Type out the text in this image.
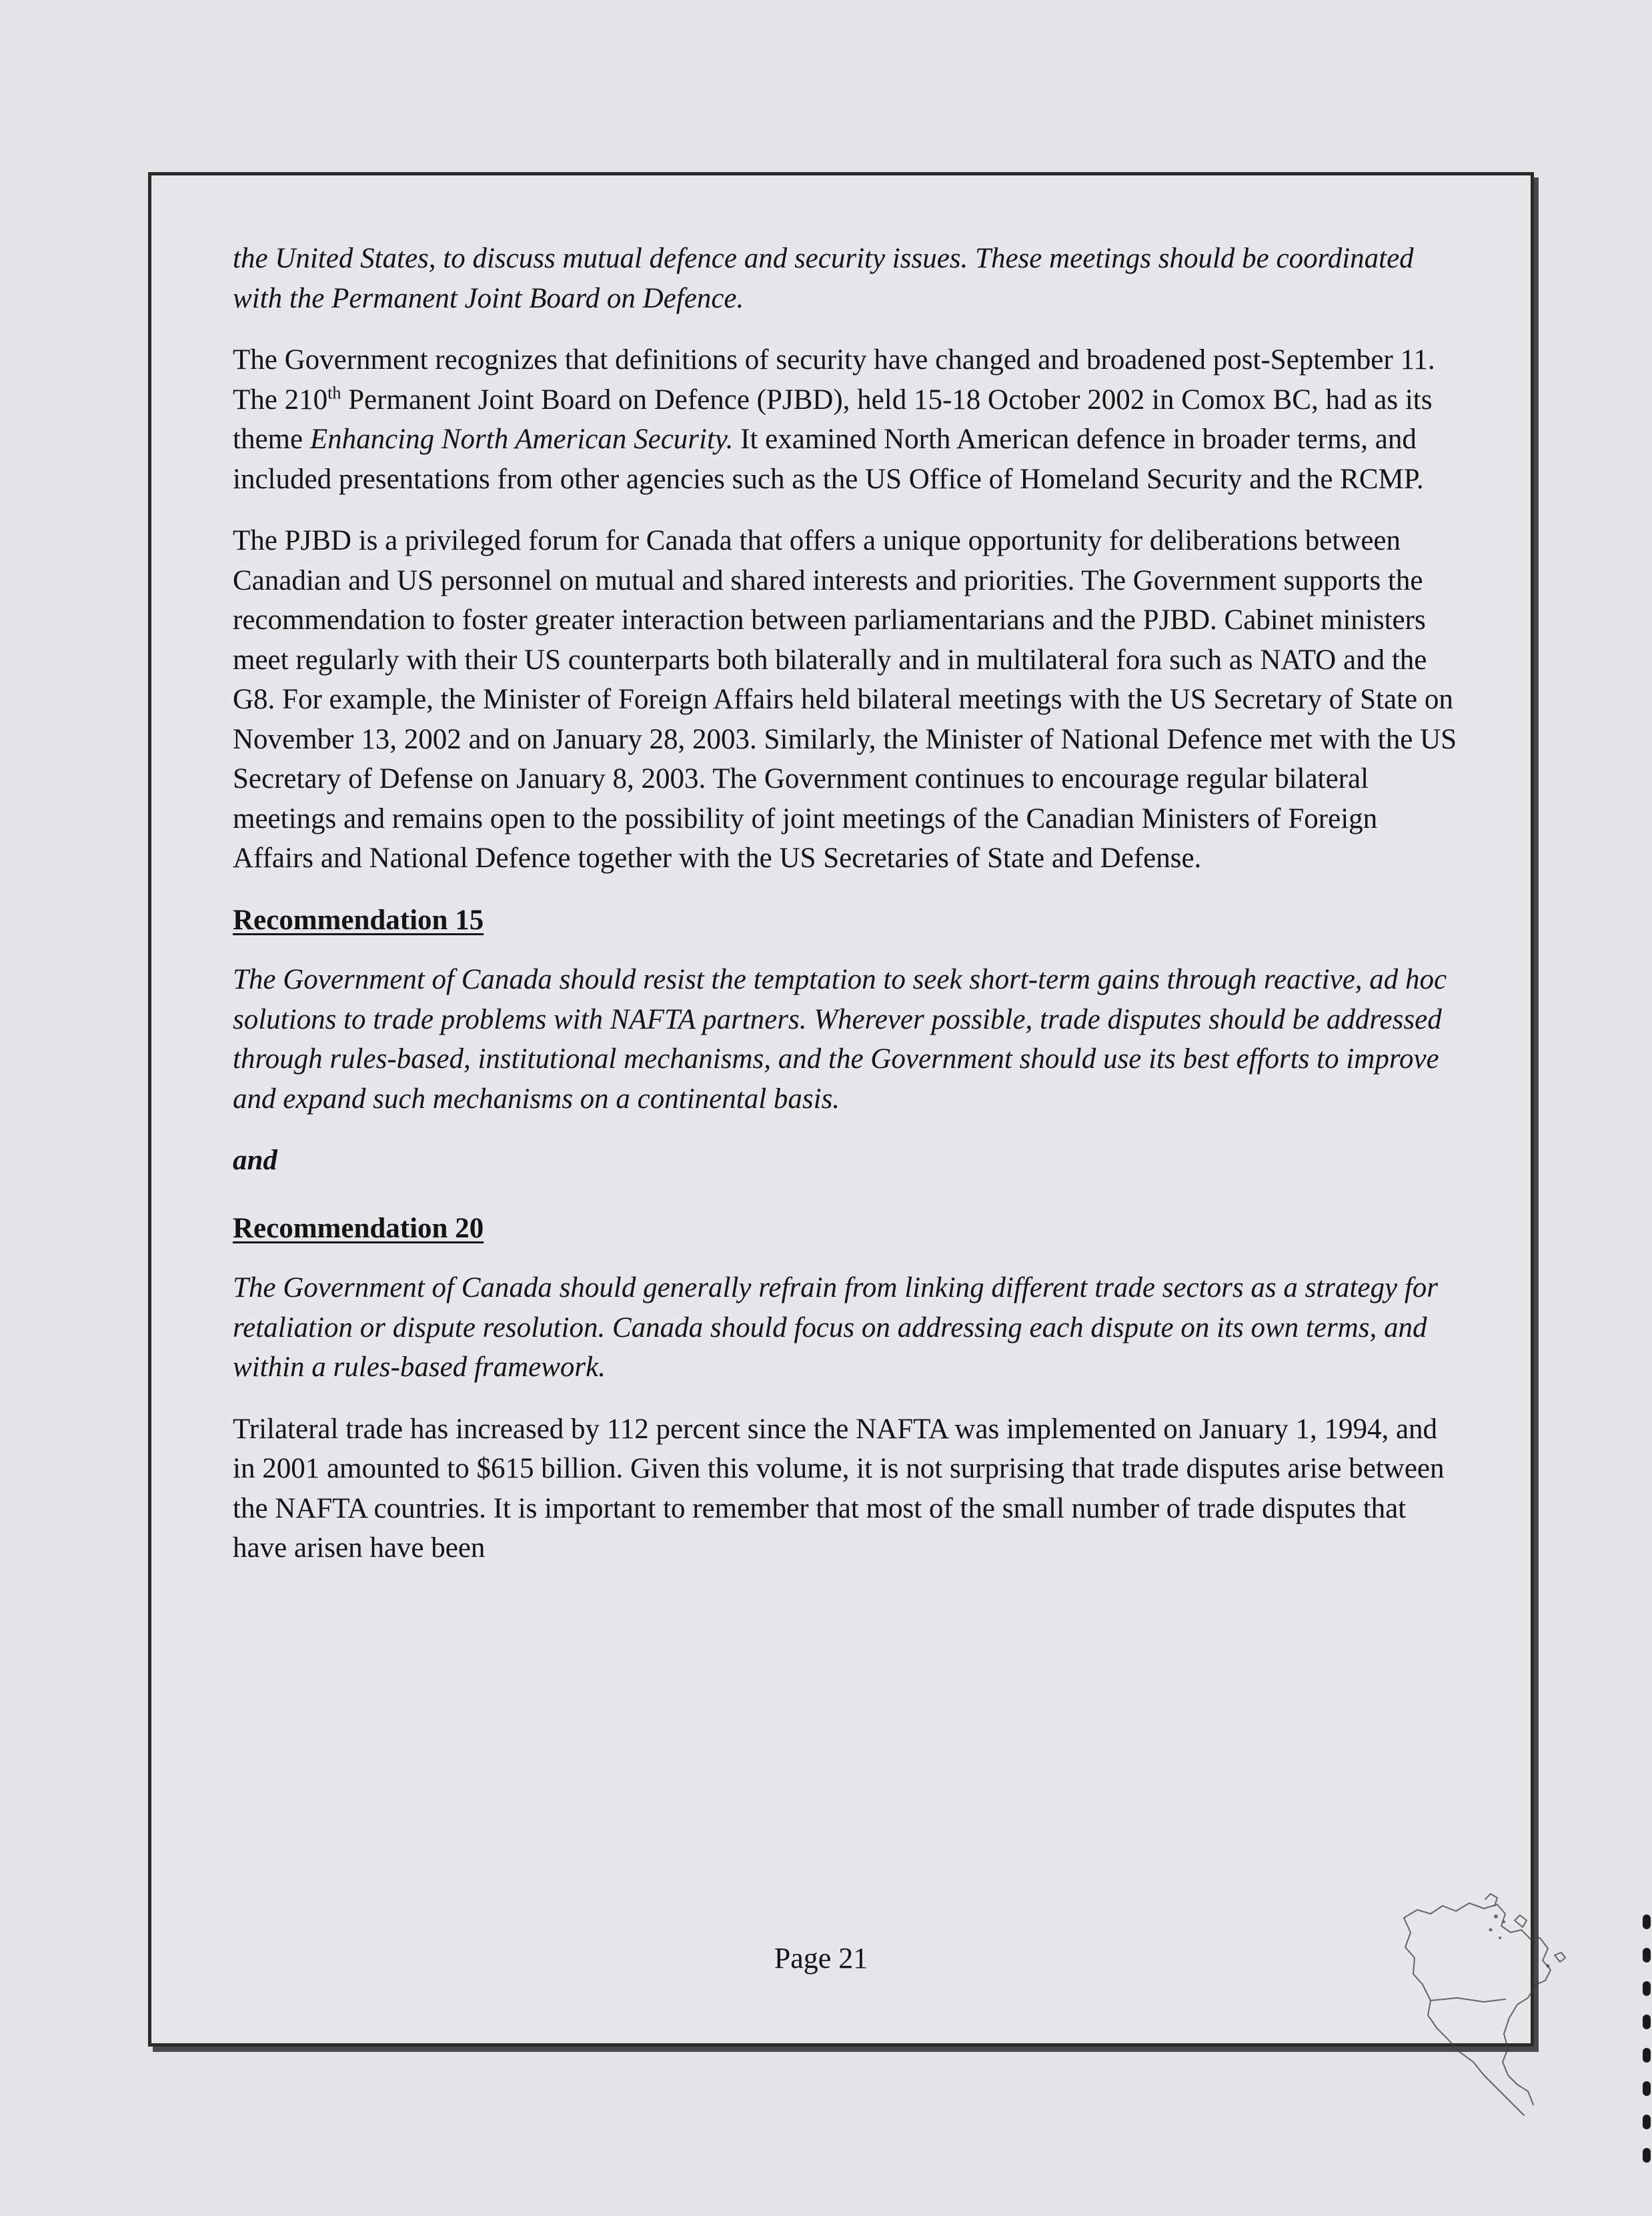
the United States, to discuss mutual defence and security issues. These meetings should be coordinated with the Permanent Joint Board on Defence.

The Government recognizes that definitions of security have changed and broadened post-September 11. The 210th Permanent Joint Board on Defence (PJBD), held 15-18 October 2002 in Comox BC, had as its theme Enhancing North American Security. It examined North American defence in broader terms, and included presentations from other agencies such as the US Office of Homeland Security and the RCMP.

The PJBD is a privileged forum for Canada that offers a unique opportunity for deliberations between Canadian and US personnel on mutual and shared interests and priorities. The Government supports the recommendation to foster greater interaction between parliamentarians and the PJBD. Cabinet ministers meet regularly with their US counterparts both bilaterally and in multilateral fora such as NATO and the G8. For example, the Minister of Foreign Affairs held bilateral meetings with the US Secretary of State on November 13, 2002 and on January 28, 2003. Similarly, the Minister of National Defence met with the US Secretary of Defense on January 8, 2003. The Government continues to encourage regular bilateral meetings and remains open to the possibility of joint meetings of the Canadian Ministers of Foreign Affairs and National Defence together with the US Secretaries of State and Defense.

Recommendation 15

The Government of Canada should resist the temptation to seek short-term gains through reactive, ad hoc solutions to trade problems with NAFTA partners. Wherever possible, trade disputes should be addressed through rules-based, institutional mechanisms, and the Government should use its best efforts to improve and expand such mechanisms on a continental basis.

and
Recommendation 20

The Government of Canada should generally refrain from linking different trade sectors as a strategy for retaliation or dispute resolution. Canada should focus on addressing each dispute on its own terms, and within a rules-based framework.

Trilateral trade has increased by 112 percent since the NAFTA was implemented on January 1, 1994, and in 2001 amounted to $615 billion. Given this volume, it is not surprising that trade disputes arise between the NAFTA countries. It is important to remember that most of the small number of trade disputes that have arisen have been

Page 21
